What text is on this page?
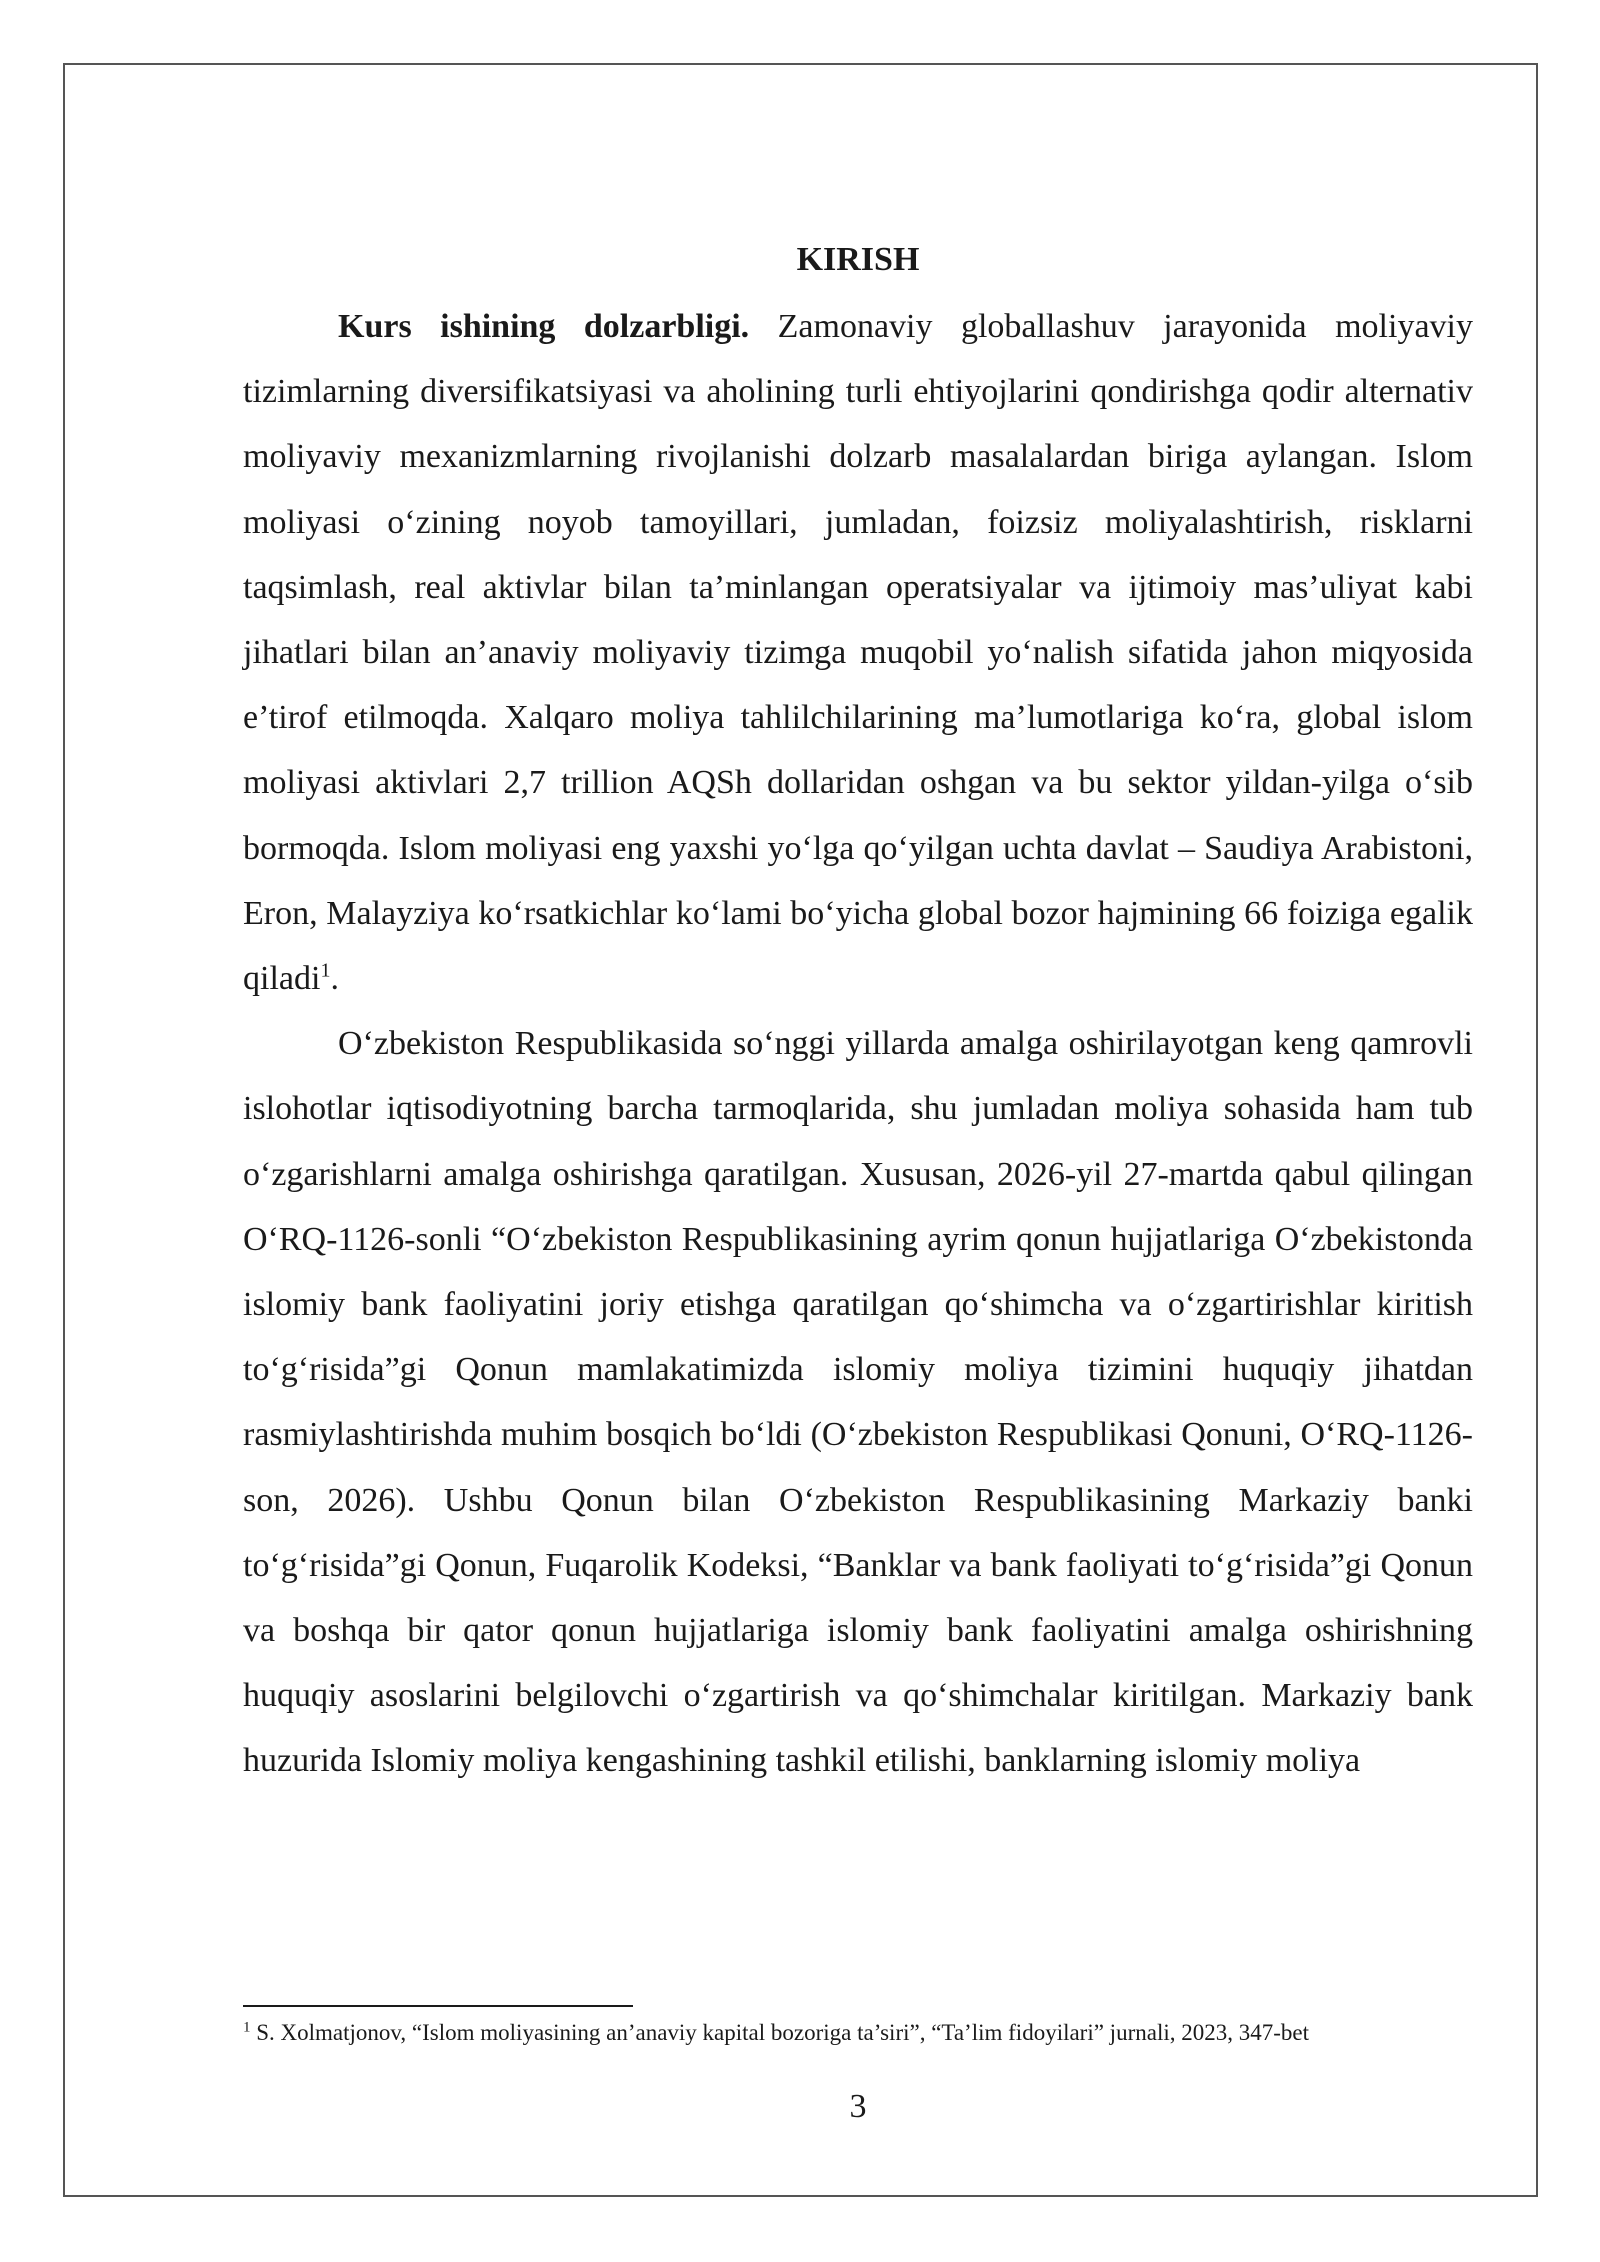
KIRISH

Kurs ishining dolzarbligi. Zamonaviy globallashuv jarayonida moliyaviy tizimlarning diversifikatsiyasi va aholining turli ehtiyojlarini qondirishga qodir alternativ moliyaviy mexanizmlarning rivojlanishi dolzarb masalalardan biriga aylangan. Islom moliyasi o‘zining noyob tamoyillari, jumladan, foizsiz moliyalashtirish, risklarni taqsimlash, real aktivlar bilan ta’minlangan operatsiyalar va ijtimoiy mas’uliyat kabi jihatlari bilan an’anaviy moliyaviy tizimga muqobil yo‘nalish sifatida jahon miqyosida e’tirof etilmoqda. Xalqaro moliya tahlilchilarining ma’lumotlariga ko‘ra, global islom moliyasi aktivlari 2,7 trillion AQSh dollaridan oshgan va bu sektor yildan-yilga o‘sib bormoqda. Islom moliyasi eng yaxshi yo‘lga qo‘yilgan uchta davlat – Saudiya Arabistoni, Eron, Malayziya ko‘rsatkichlar ko‘lami bo‘yicha global bozor hajmining 66 foiziga egalik qiladi$^1$.

O‘zbekiston Respublikasida so‘nggi yillarda amalga oshirilayotgan keng qamrovli islohotlar iqtisodiyotning barcha tarmoqlarida, shu jumladan moliya sohasida ham tub o‘zgarishlarni amalga oshirishga qaratilgan. Xususan, 2026-yil 27-martda qabul qilingan O‘RQ-1126-sonli “O‘zbekiston Respublikasining ayrim qonun hujjatlariga O‘zbekistonda islomiy bank faoliyatini joriy etishga qaratilgan qo‘shimcha va o‘zgartirishlar kiritish to‘g‘risida”gi Qonun mamlakatimizda islomiy moliya tizimini huquqiy jihatdan rasmiylashtirishda muhim bosqich bo‘ldi (O‘zbekiston Respublikasi Qonuni, O‘RQ-1126-son, 2026). Ushbu Qonun bilan O‘zbekiston Respublikasining Markaziy banki to‘g‘risida”gi Qonun, Fuqarolik Kodeksi, “Banklar va bank faoliyati to‘g‘risida”gi Qonun va boshqa bir qator qonun hujjatlariga islomiy bank faoliyatini amalga oshirishning huquqiy asoslarini belgilovchi o‘zgartirish va qo‘shimchalar kiritilgan. Markaziy bank huzurida Islomiy moliya kengashining tashkil etilishi, banklarning islomiy moliya

$^1$ S. Xolmatjonov, “Islom moliyasining an’anaviy kapital bozoriga ta’siri”, “Ta’lim fidoyilari” jurnali, 2023, 347-bet
3
